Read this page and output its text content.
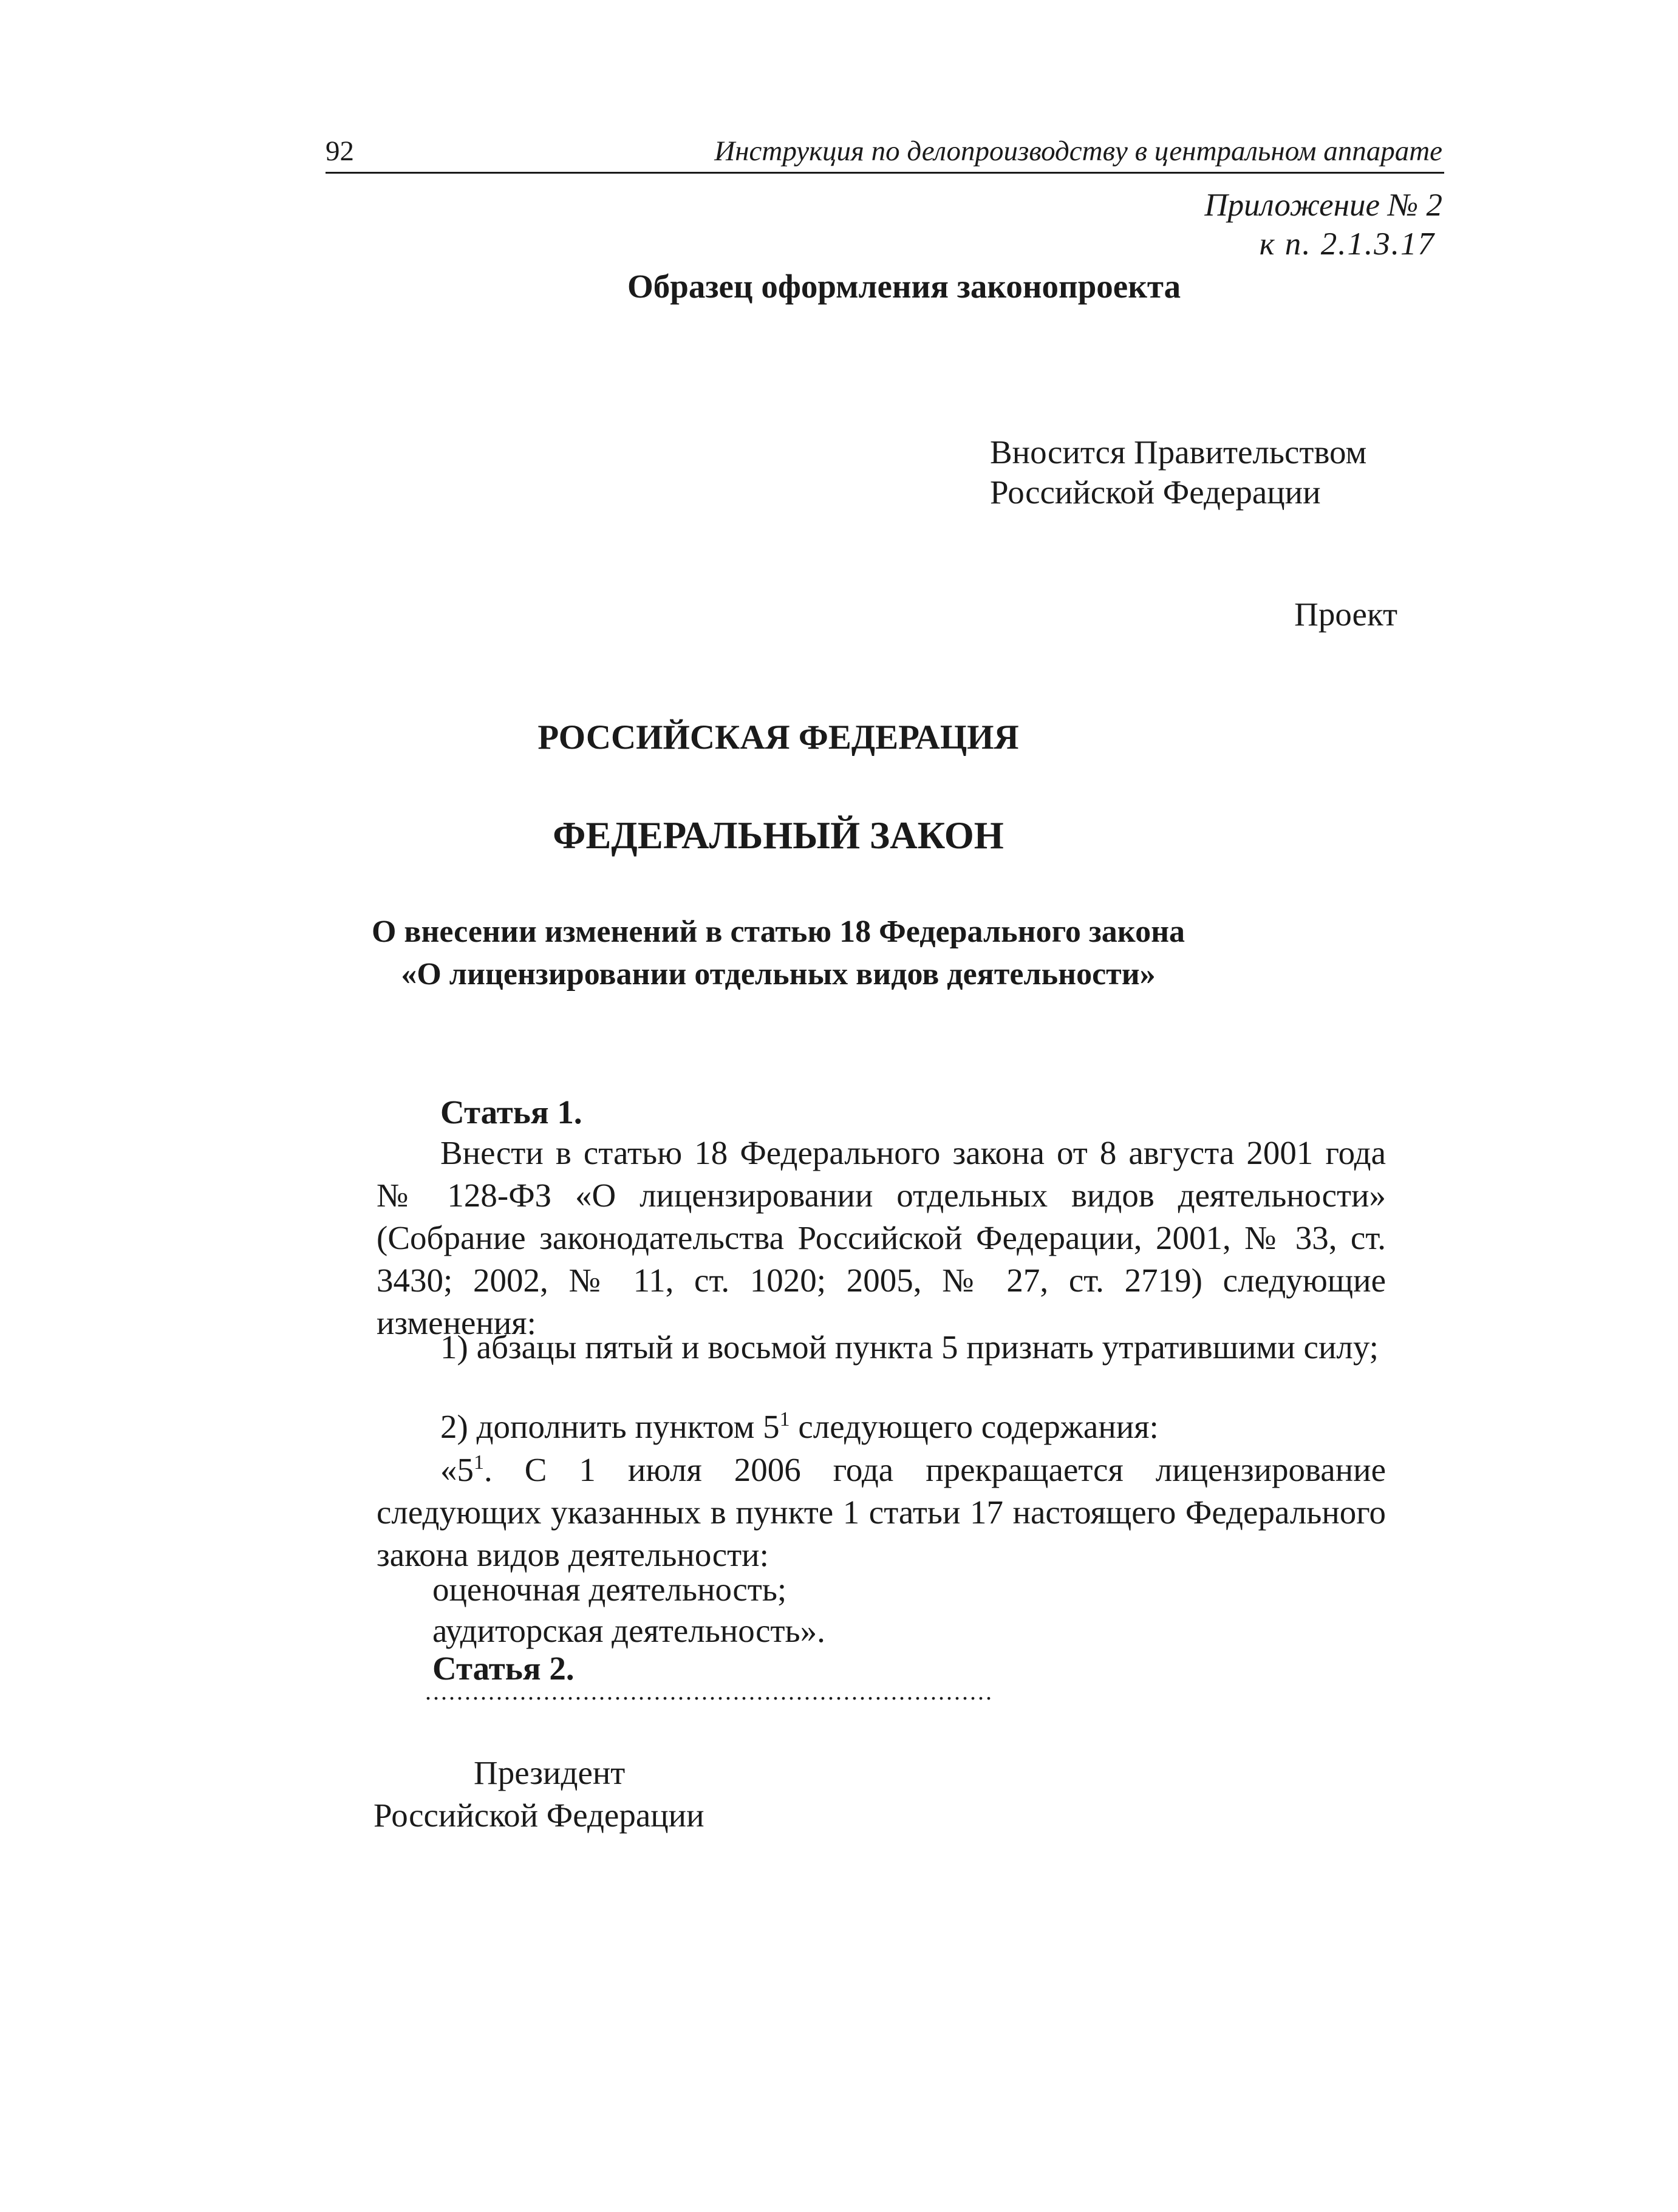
92	Инструкция по делопроизводству в центральном аппарате
Приложение № 2
к п. 2.1.3.17
Образец оформления законопроекта
Вносится Правительством
Российской Федерации
Проект
РОССИЙСКАЯ ФЕДЕРАЦИЯ
ФЕДЕРАЛЬНЫЙ ЗАКОН
О внесении изменений в статью 18 Федерального закона
«О лицензировании отдельных видов деятельности»
Статья 1.
Внести в статью 18 Федерального закона от 8 августа 2001 года № 128-ФЗ «О лицензировании отдельных видов деятельности» (Собрание законодательства Российской Федерации, 2001, № 33, ст. 3430; 2002, № 11, ст. 1020; 2005, № 27, ст. 2719) следующие изменения:
1) абзацы пятый и восьмой пункта 5 признать утратившими силу;
2) дополнить пунктом $5^1$ следующего содержания:
«$5^1$. С 1 июля 2006 года прекращается лицензирование следующих указанных в пункте 1 статьи 17 настоящего Федерального закона видов деятельности:
оценочная деятельность;
аудиторская деятельность».
Статья 2.
........................................................................
Президент
Российской Федерации
